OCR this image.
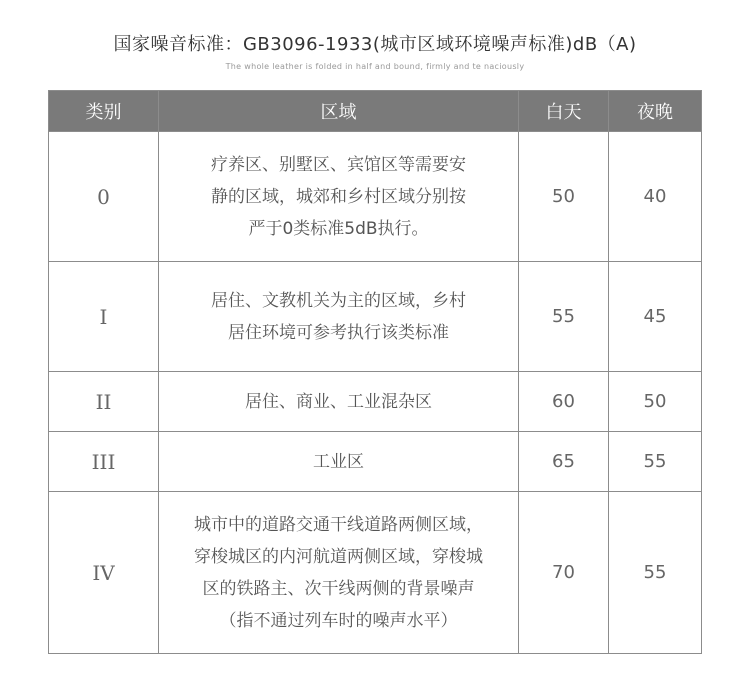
国家噪音标准：GB3096-1933(城市区域环境噪声标准)dB（A)
The whole leather is folded in half and bound, firmly and te naciously
类别	区域	白天	夜晚
0	疗养区、别墅区、宾馆区等需要安
静的区域，城郊和乡村区域分别按
严于0类标准5dB执行。	50	40
I	居住、文教机关为主的区域，乡村
居住环境可参考执行该类标准	55	45
II	居住、商业、工业混杂区	60	50
III	工业区	65	55
IV	城市中的道路交通干线道路两侧区域，
穿梭城区的内河航道两侧区域，穿梭城
区的铁路主、次干线两侧的背景噪声
（指不通过列车时的噪声水平）	70	55
